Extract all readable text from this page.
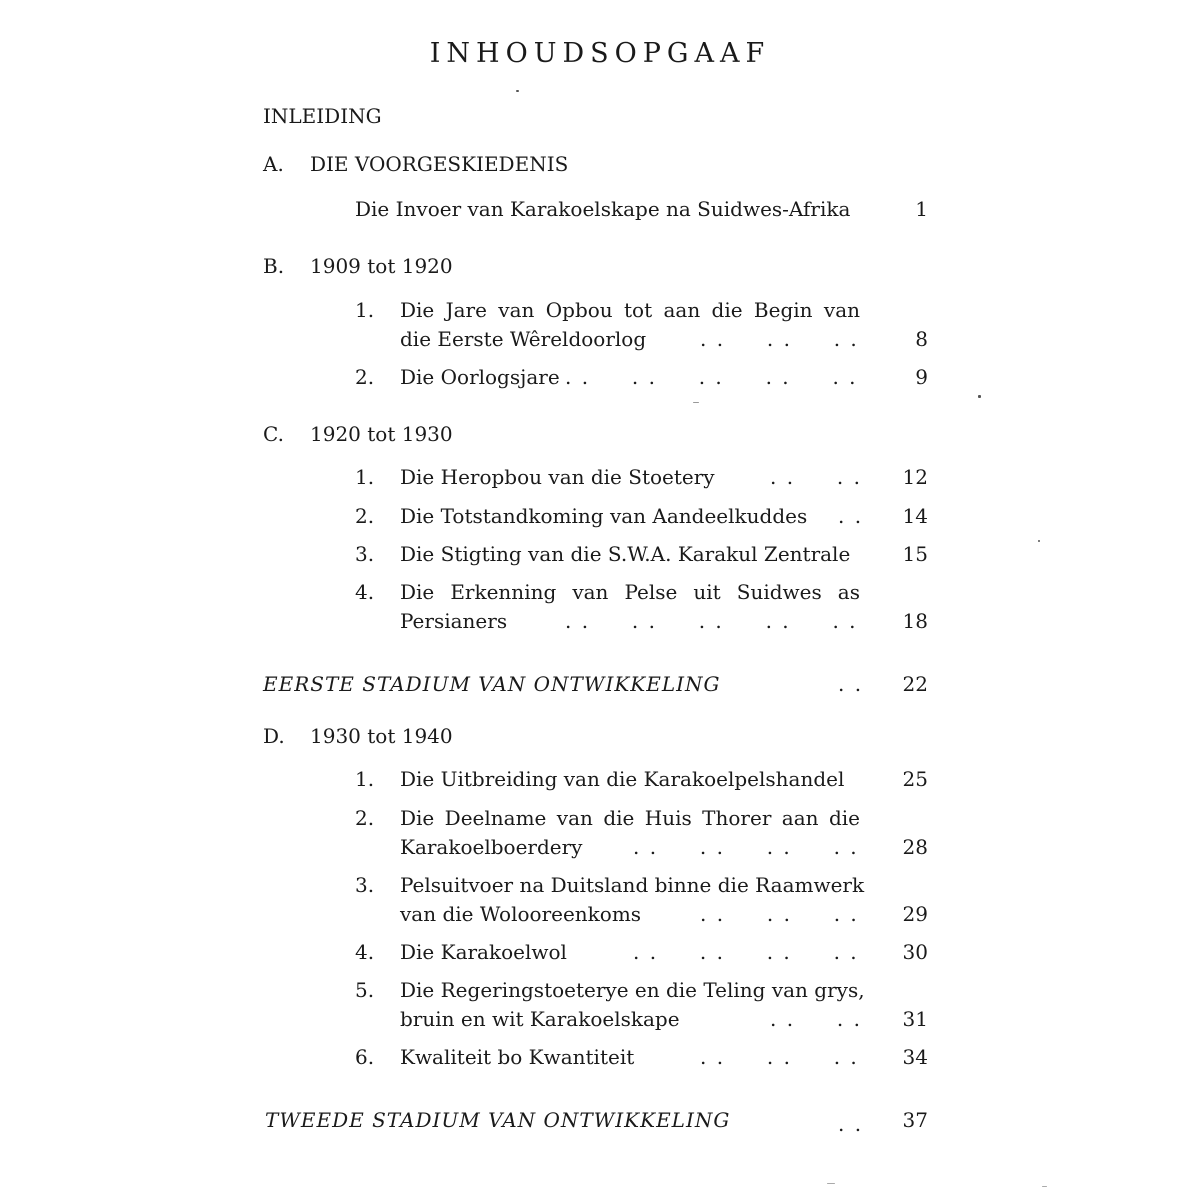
INHOUDSOPGAAF
INLEIDING
A. DIE VOORGESKIEDENIS
Die Invoer van Karakoelskape na Suidwes-Afrika	1
B. 1909 tot 1920
1. Die Jare van Opbou tot aan die Begin van
die Eerste Wêreldoorlog	. .     . .     . .	8
2. Die Oorlogsjare . .     . .     . .     . .     . .	9
C. 1920 tot 1930
1. Die Heropbou van die Stoetery	. .     . .	12
2. Die Totstandkoming van Aandeelkuddes . .	14
3. Die Stigting van die S.W.A. Karakul Zentrale	15
4. Die Erkenning van Pelse uit Suidwes as
Persianers	. .     . .     . .     . .     . .	18
EERSTE STADIUM VAN ONTWIKKELING	. .	22
D. 1930 tot 1940
1. Die Uitbreiding van die Karakoelpelshandel	25
2. Die Deelname van die Huis Thorer aan die
Karakoelboerdery	. .     . .     . .     . .	28
3. Pelsuitvoer na Duitsland binne die Raamwerk
van die Wolooreenkoms	. .     . .     . .	29
4. Die Karakoelwol	. .     . .     . .     . .	30
5. Die Regeringstoeterye en die Teling van grys,
bruin en wit Karakoelskape	. .     . .	31
6. Kwaliteit bo Kwantiteit	. .     . .     . .	34
TWEEDE STADIUM VAN ONTWIKKELING	. .	37
